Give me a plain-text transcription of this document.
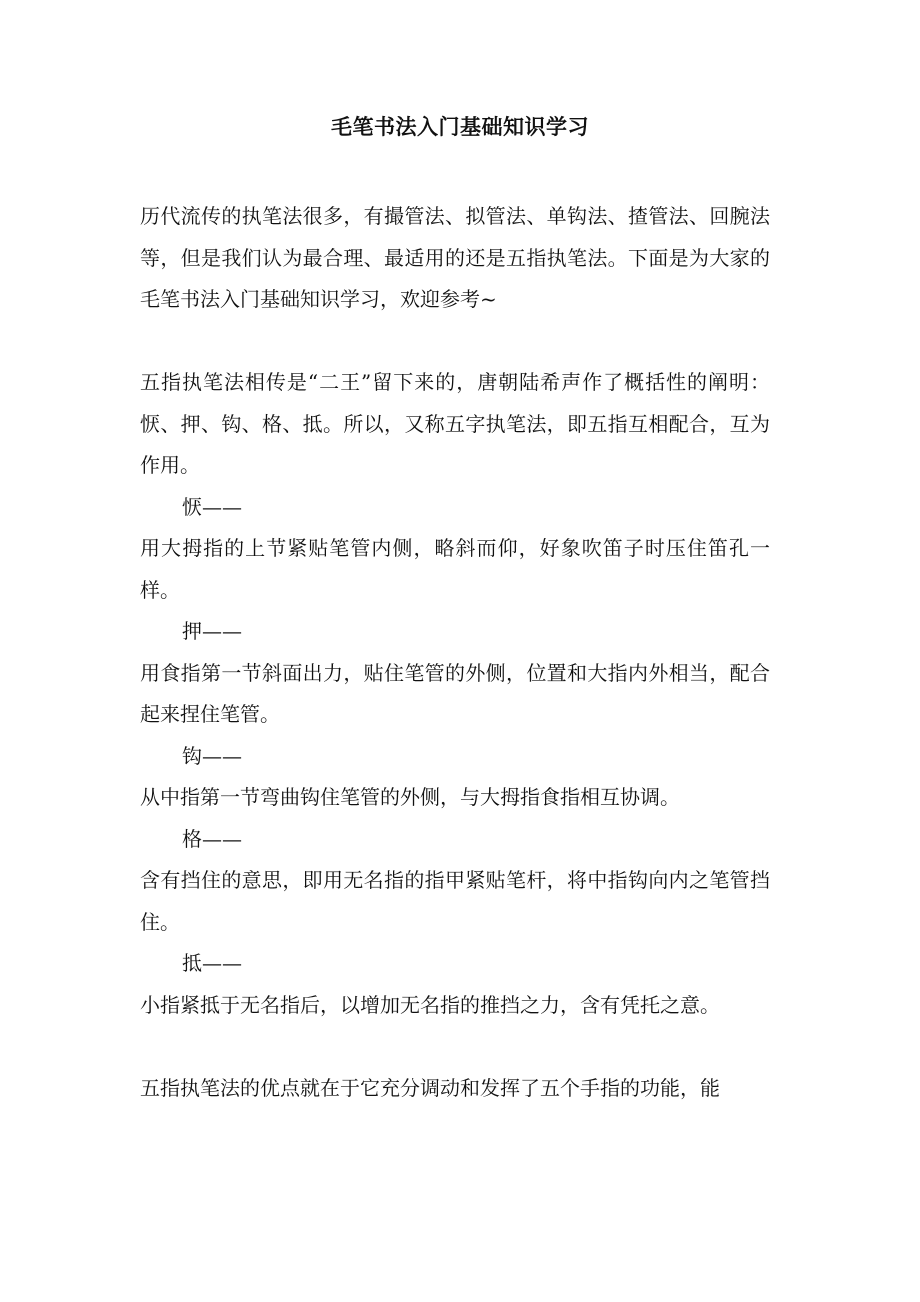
毛笔书法入门基础知识学习

历代流传的执笔法很多，有撮管法、拟管法、单钩法、揸管法、回腕法等，但是我们认为最合理、最适用的还是五指执笔法。下面是为大家的毛笔书法入门基础知识学习，欢迎参考~

五指执笔法相传是“二王”留下来的，唐朝陆希声作了概括性的阐明：恹、押、钩、格、抵。所以，又称五字执笔法，即五指互相配合，互为作用。

恹——

用大拇指的上节紧贴笔管内侧，略斜而仰，好象吹笛子时压住笛孔一样。

押——

用食指第一节斜面出力，贴住笔管的外侧，位置和大指内外相当，配合起来捏住笔管。

钩——

从中指第一节弯曲钩住笔管的外侧，与大拇指食指相互协调。

格——

含有挡住的意思，即用无名指的指甲紧贴笔杆，将中指钩向内之笔管挡住。

抵——

小指紧抵于无名指后，以增加无名指的推挡之力，含有凭托之意。

五指执笔法的优点就在于它充分调动和发挥了五个手指的功能，能
